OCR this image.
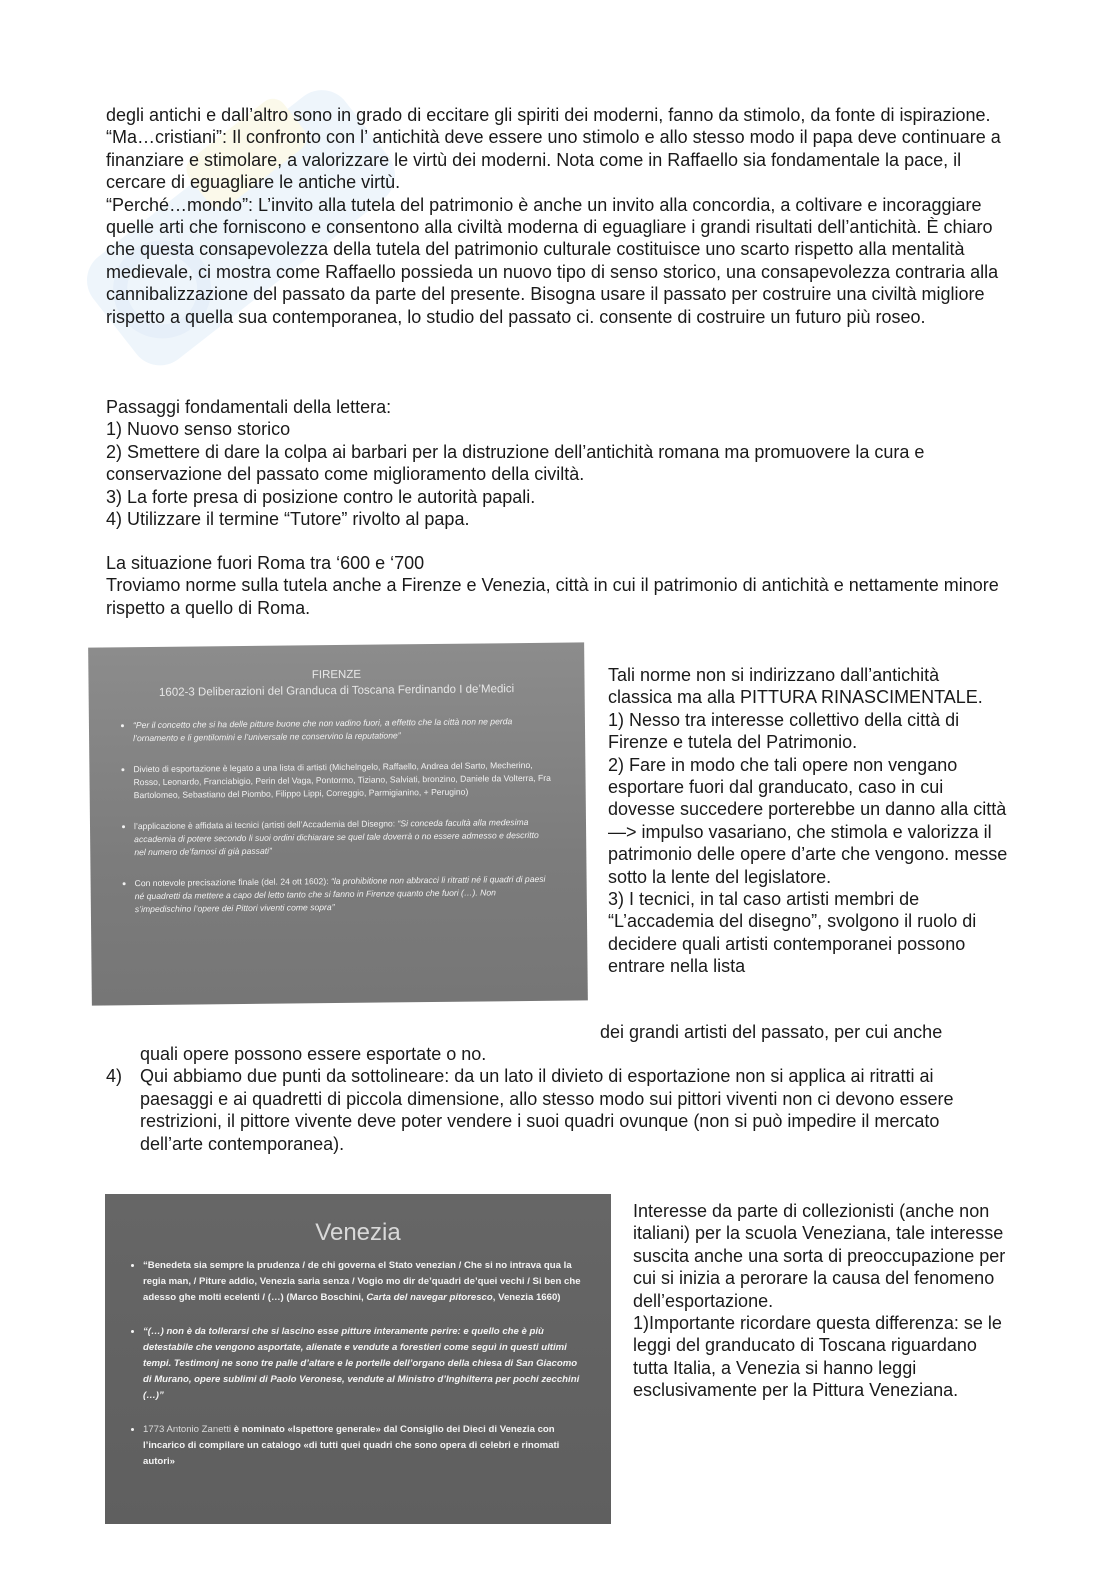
degli antichi e dall’altro sono in grado di eccitare gli spiriti dei moderni, fanno da stimolo, da fonte di ispirazione.

“Ma…cristiani”: Il confronto con l’ antichità deve essere uno stimolo e allo stesso modo il papa deve continuare a finanziare e stimolare, a valorizzare le virtù dei moderni. Nota come in Raffaello sia fondamentale la pace, il cercare di eguagliare le antiche virtù.

“Perché…mondo”: L’invito alla tutela del patrimonio è anche un invito alla concordia, a coltivare e incoraggiare quelle arti che forniscono e consentono alla civiltà moderna di eguagliare i grandi risultati dell’antichità. È chiaro che questa consapevolezza della tutela del patrimonio culturale costituisce uno scarto rispetto alla mentalità medievale, ci mostra come Raffaello possieda un nuovo tipo di senso storico, una consapevolezza contraria alla cannibalizzazione del passato da parte del presente. Bisogna usare il passato per costruire una civiltà migliore rispetto a quella sua contemporanea, lo studio del passato ci. consente di costruire un futuro più roseo.

Passaggi fondamentali della lettera:

1) Nuovo senso storico

2) Smettere di dare la colpa ai barbari per la distruzione dell’antichità romana ma promuovere la cura e conservazione del passato come miglioramento della civiltà.

3) La forte presa di posizione contro le autorità papali.

4) Utilizzare il termine “Tutore” rivolto al papa.

La situazione fuori Roma tra ‘600 e ‘700

Troviamo norme sulla tutela anche a Firenze e Venezia, città in cui il patrimonio di antichità e nettamente minore rispetto a quello di Roma.

FIRENZE
1602-3 Deliberazioni del Granduca di Toscana Ferdinando I de’Medici
• “Per il concetto che si ha delle pitture buone che non vadino fuori, a effetto che la città non ne perda l’ornamento e li gentilomini e l’universale ne conservino la reputatione”
• Divieto di esportazione è legato a una lista di artisti (Michelngelo, Raffaello, Andrea del Sarto, Mecherino, Rosso, Leonardo, Franciabigio, Perin del Vaga, Pontormo, Tiziano, Salviati, bronzino, Daniele da Volterra, Fra Bartolomeo, Sebastiano del Piombo, Filippo Lippi, Correggio, Parmigianino, + Perugino)
• l’applicazione è affidata ai tecnici (artisti dell’Accademia del Disegno: “Si conceda facultà alla medesima accademia di potere secondo li suoi ordini dichiarare se quel tale doverrà o no essere admesso e descritto nel numero de’famosi di già passati”
• Con notevole precisazione finale (del. 24 ott 1602): “la prohibitione non abbracci li ritratti né li quadri di paesi né quadretti da mettere a capo del letto tanto che si fanno in Firenze quanto che fuori (…). Non s’impedischino l’opere dei Pittori viventi come sopra”

Tali norme non si indirizzano dall’antichità classica ma alla PITTURA RINASCIMENTALE.

1) Nesso tra interesse collettivo della città di Firenze e tutela del Patrimonio.

2) Fare in modo che tali opere non vengano esportare fuori dal granducato, caso in cui dovesse succedere porterebbe un danno alla città —> impulso vasariano, che stimola e valorizza il patrimonio delle opere d’arte che vengono. messe sotto la lente del legislatore.

3) I tecnici, in tal caso artisti membri de “L’accademia del disegno”, svolgono il ruolo di decidere quali artisti contemporanei possono entrare nella lista

dei grandi artisti del passato, per cui anche

quali opere possono essere esportate o no.

4) Qui abbiamo due punti da sottolineare: da un lato il divieto di esportazione non si applica ai ritratti ai paesaggi e ai quadretti di piccola dimensione, allo stesso modo sui pittori viventi non ci devono essere restrizioni, il pittore vivente deve poter vendere i suoi quadri ovunque (non si può impedire il mercato dell’arte contemporanea).

Venezia
• “Benedeta sia sempre la prudenza / de chi governa el Stato venezian / Che si no intrava qua la regia man, / Piture addio, Venezia saria senza / Vogio mo dir de’quadri de’quei vechi / Si ben che adesso ghe molti ecelenti / (…) (Marco Boschini, Carta del navegar pitoresco, Venezia 1660)
• “(…) non è da tollerarsi che si lascino esse pitture interamente perire: e quello che è più detestabile che vengono asportate, alienate e vendute a forestieri come seguì in questi ultimi tempi. Testimonj ne sono tre palle d’altare e le portelle dell’organo della chiesa di San Giacomo di Murano, opere sublimi di Paolo Veronese, vendute al Ministro d’Inghilterra per pochi zecchini (…)”
• 1773 Antonio Zanetti è nominato «Ispettore generale» dal Consiglio dei Dieci di Venezia con l’incarico di compilare un catalogo «di tutti quei quadri che sono opera di celebri e rinomati autori»

Interesse da parte di collezionisti (anche non italiani) per la scuola Veneziana, tale interesse suscita anche una sorta di preoccupazione per cui si inizia a perorare la causa del fenomeno dell’esportazione.

1)Importante ricordare questa differenza: se le leggi del granducato di Toscana riguardano tutta Italia, a Venezia si hanno leggi esclusivamente per la Pittura Veneziana.
